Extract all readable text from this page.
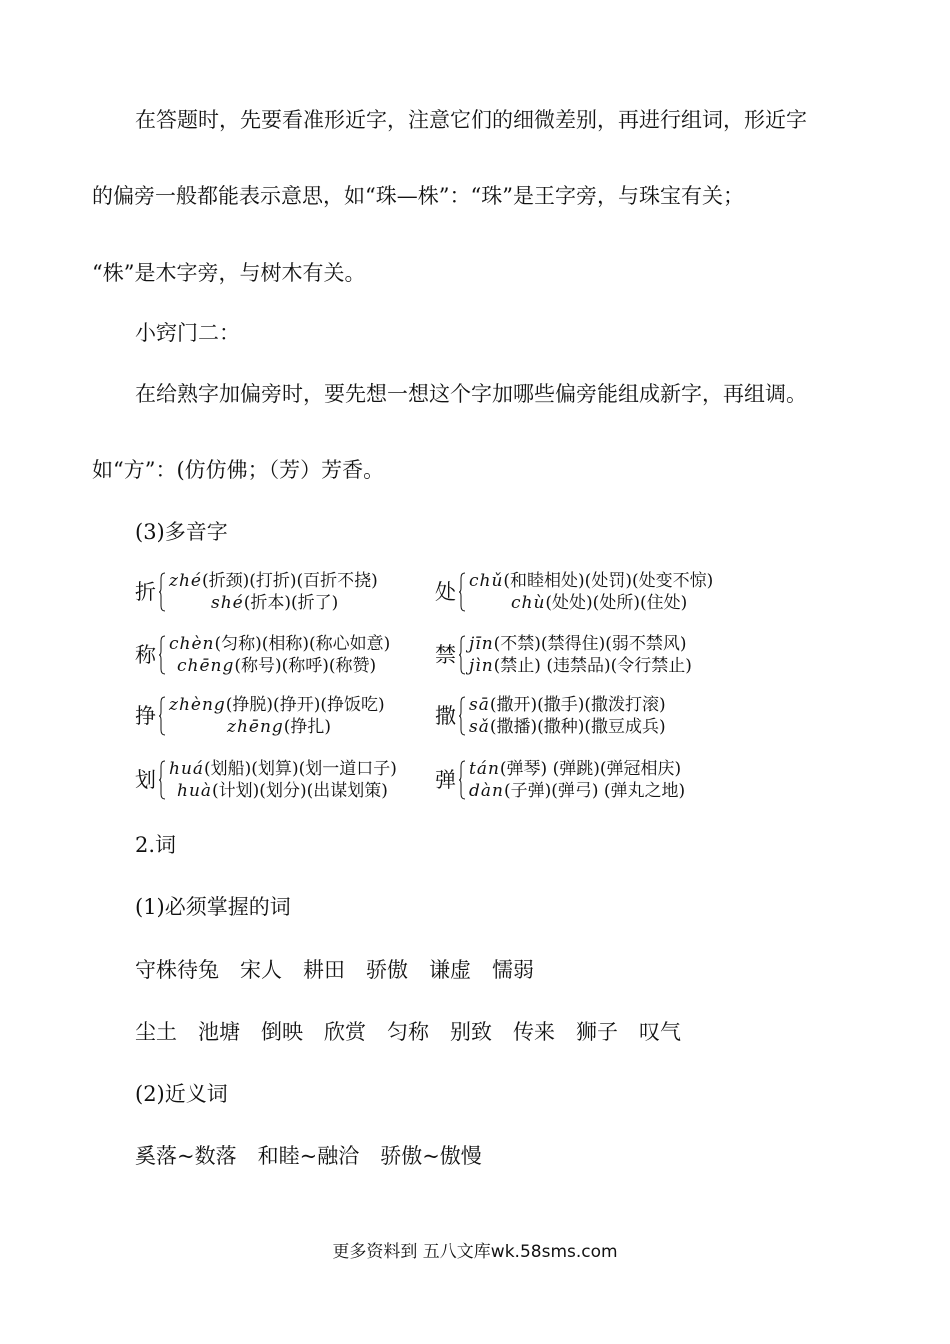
在答题时，先要看准形近字，注意它们的细微差别，再进行组词，形近字

的偏旁一般都能表示意思，如“珠—株”：“珠”是王字旁，与珠宝有关；

“株”是木字旁，与树木有关。

小窍门二：

在给熟字加偏旁时，要先想一想这个字加哪些偏旁能组成新字，再组调。

如“方”：(仿仿佛；（芳）芳香。

(3)多音字

折 zhé(折颈)(打折)(百折不挠)
shé(折本)(折了)
称 chèn(匀称)(相称)(称心如意)
chēng(称号)(称呼)(称赞)
挣 zhèng(挣脱)(挣开)(挣饭吃)
zhēng(挣扎)
划 huá(划船)(划算)(划一道口子)
huà(计划)(划分)(出谋划策)
处 chǔ(和睦相处)(处罚)(处变不惊)
chù(处处)(处所)(住处)
禁 jīn(不禁)(禁得住)(弱不禁风)
jìn(禁止) (违禁品)(令行禁止)
撒 sā(撒开)(撒手)(撒泼打滚)
sǎ(撒播)(撒种)(撒豆成兵)
弹 tán(弹琴) (弹跳)(弹冠相庆)
dàn(子弹)(弹弓) (弹丸之地)

2.词

(1)必须掌握的词

守株待兔　宋人　耕田　骄傲　谦虚　懦弱

尘土　池塘　倒映　欣赏　匀称　别致　传来　狮子　叹气

(2)近义词

奚落~数落　和睦~融洽　骄傲~傲慢

更多资料到 五八文库wk.58sms.com
